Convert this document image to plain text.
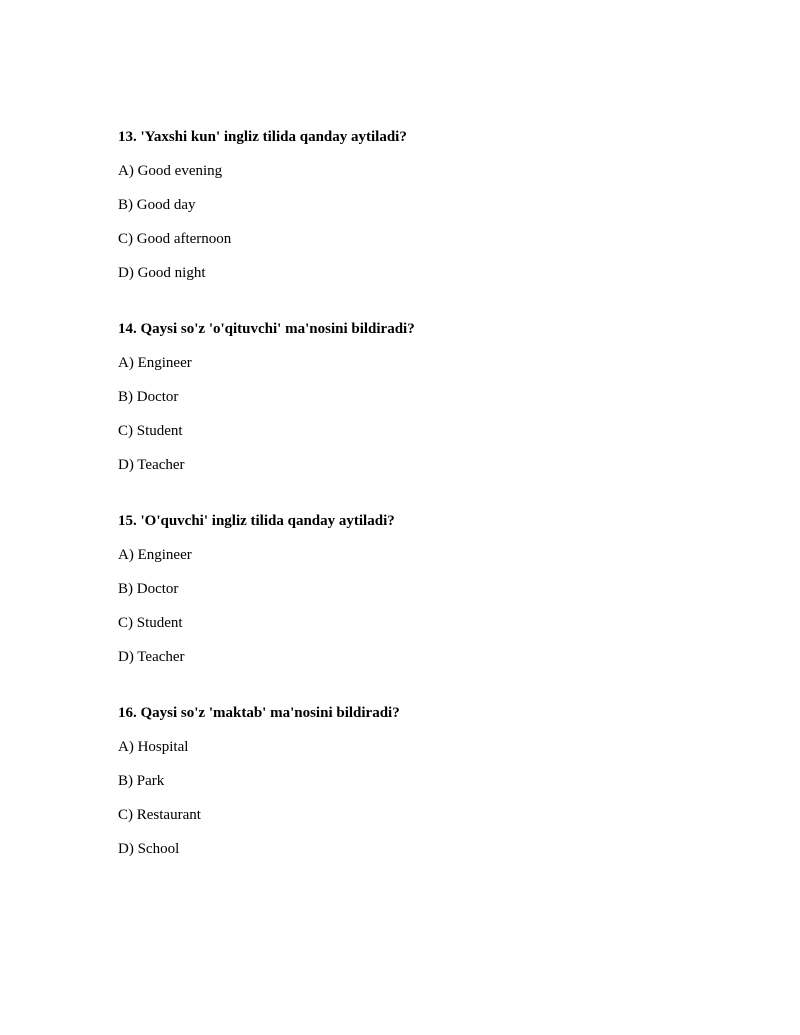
13. 'Yaxshi kun' ingliz tilida qanday aytiladi?

A) Good evening

B) Good day

C) Good afternoon

D) Good night

14. Qaysi so'z 'o'qituvchi' ma'nosini bildiradi?

A) Engineer

B) Doctor

C) Student

D) Teacher

15. 'O'quvchi' ingliz tilida qanday aytiladi?

A) Engineer

B) Doctor

C) Student

D) Teacher

16. Qaysi so'z 'maktab' ma'nosini bildiradi?

A) Hospital

B) Park

C) Restaurant

D) School
